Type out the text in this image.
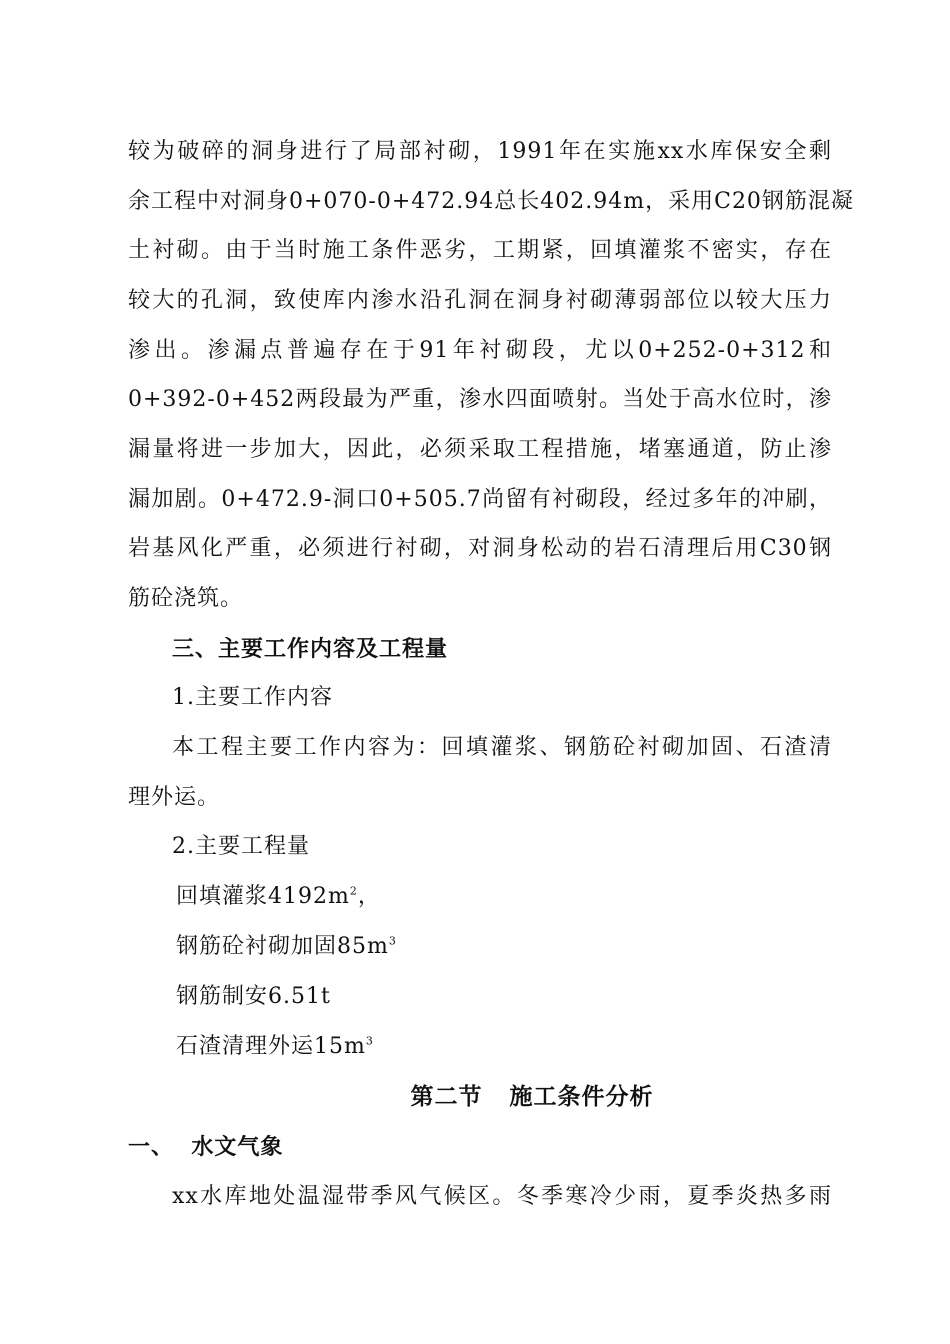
较为破碎的洞身进行了局部衬砌，1991年在实施xx水库保安全剩
余工程中对洞身0+070-0+472.94总长402.94m，采用C20钢筋混凝
土衬砌。由于当时施工条件恶劣，工期紧，回填灌浆不密实，存在
较大的孔洞，致使库内渗水沿孔洞在洞身衬砌薄弱部位以较大压力
渗出。渗漏点普遍存在于91年衬砌段，尤以0+252-0+312和
0+392-0+452两段最为严重，渗水四面喷射。当处于高水位时，渗
漏量将进一步加大，因此，必须采取工程措施，堵塞通道，防止渗
漏加剧。0+472.9-洞口0+505.7尚留有衬砌段，经过多年的冲刷，
岩基风化严重，必须进行衬砌，对洞身松动的岩石清理后用C30钢
筋砼浇筑。
三、主要工作内容及工程量
1.主要工作内容
本工程主要工作内容为：回填灌浆、钢筋砼衬砌加固、石渣清
理外运。
2.主要工程量
回填灌浆$4192m^2$，
钢筋砼衬砌加固$85m^3$
钢筋制安6.51t
石渣清理外运$15m^3$
第二节   施工条件分析
一、  水文气象
xx水库地处温湿带季风气候区。冬季寒冷少雨，夏季炎热多雨
